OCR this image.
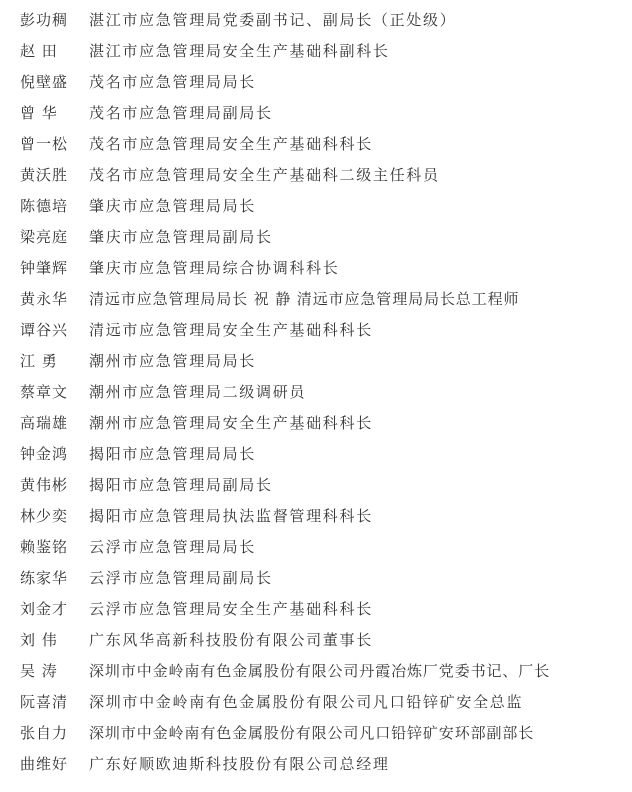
彭功稠 湛江市应急管理局党委副书记、副局长（正处级）
赵 田 湛江市应急管理局安全生产基础科副科长
倪壁盛 茂名市应急管理局局长
曾 华 茂名市应急管理局副局长
曾一松 茂名市应急管理局安全生产基础科科长
黄沃胜 茂名市应急管理局安全生产基础科二级主任科员
陈德培 肇庆市应急管理局局长
梁亮庭 肇庆市应急管理局副局长
钟肇辉 肇庆市应急管理局综合协调科科长
黄永华 清远市应急管理局局长 祝 静 清远市应急管理局局长总工程师
谭谷兴 清远市应急管理局安全生产基础科科长
江 勇 潮州市应急管理局局长
蔡章文 潮州市应急管理局二级调研员
高瑞雄 潮州市应急管理局安全生产基础科科长
钟金鸿 揭阳市应急管理局局长
黄伟彬 揭阳市应急管理局副局长
林少奕 揭阳市应急管理局执法监督管理科科长
赖鉴铭 云浮市应急管理局局长
练家华 云浮市应急管理局副局长
刘金才 云浮市应急管理局安全生产基础科科长
刘 伟 广东风华高新科技股份有限公司董事长
吴 涛 深圳市中金岭南有色金属股份有限公司丹霞冶炼厂党委书记、厂长
阮喜清 深圳市中金岭南有色金属股份有限公司凡口铅锌矿安全总监
张自力 深圳市中金岭南有色金属股份有限公司凡口铅锌矿安环部副部长
曲维好 广东好顺欧迪斯科技股份有限公司总经理
